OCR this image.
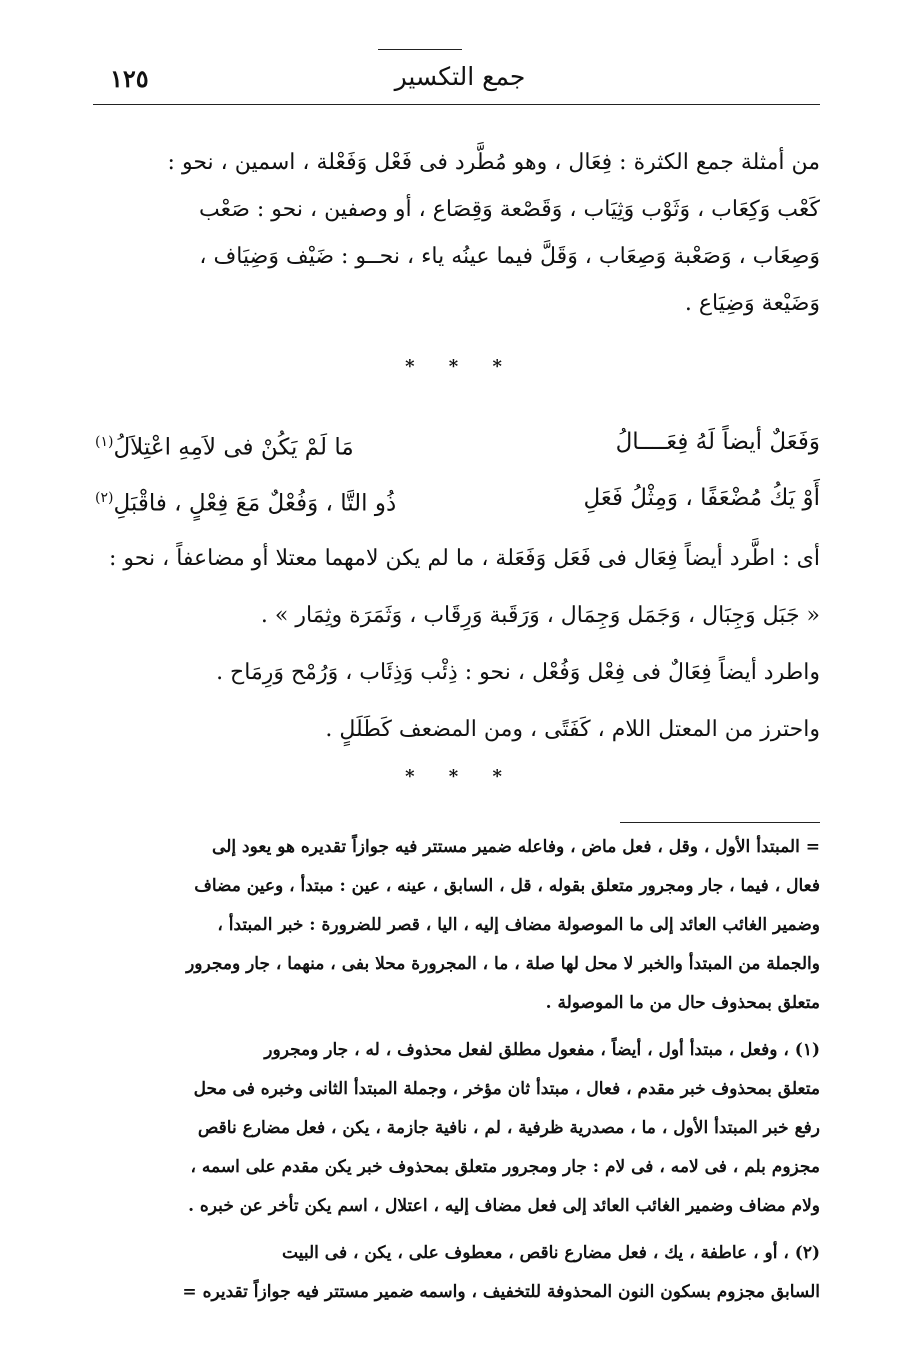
جمع التكسير
١٢٥
من أمثلة جمع الكثرة : فِعَال ، وهو مُطَّرد فى فَعْل وَفَعْلة ، اسمين ، نحو :
كَعْب وَكِعَاب ، وَثَوْب وَثِيَاب ، وَقَصْعة وَقِصَاع ، أو وصفين ، نحو : صَعْب
وَصِعَاب ، وَصَعْبة وَصِعَاب ، وَقَلَّ فيما عينُه ياء ، نحــو : ضَيْف وَضِيَاف ،
وَضَيْعة وَضِيَاع .
* * *
وَفَعَلٌ أيضاً لَهُ فِعَــــالُ
مَا لَمْ يَكُنْ فى لاَمِهِ اعْتِلاَلُ$^{(١)}$
أَوْ يَكُ مُضْعَفًا ، وَمِثْلُ فَعَلِ
ذُو التَّا ، وَفُعْلٌ مَعَ فِعْلٍ ، فاقْبَلِ$^{(٢)}$
أى : اطَّرد أيضاً فِعَال فى فَعَل وَفَعَلة ، ما لم يكن لامهما معتلا أو مضاعفاً ، نحو :
« جَبَل وَجِبَال ، وَجَمَل وَجِمَال ، وَرَقَبة وَرِقَاب ، وَثَمَرَة وثِمَار » .
واطرد أيضاً فِعَالٌ فى فِعْل وَفُعْل ، نحو : ذِئْب وَذِئَاب ، وَرُمْح وَرِمَاح .
واحترز من المعتل اللام ، كَفَتًى ، ومن المضعف كَطَلَلٍ .
* * *
= المبتدأ الأول ، وقل ، فعل ماض ، وفاعله ضمير مستتر فيه جوازاً تقديره هو يعود إلى
فعال ، فيما ، جار ومجرور متعلق بقوله ، قل ، السابق ، عينه ، عين : مبتدأ ، وعين مضاف
وضمير الغائب العائد إلى ما الموصولة مضاف إليه ، اليا ، قصر للضرورة : خبر المبتدأ ،
والجملة من المبتدأ والخبر لا محل لها صلة ، ما ، المجرورة محلا بفى ، منهما ، جار ومجرور
متعلق بمحذوف حال من ما الموصولة .
(١) ، وفعل ، مبتدأ أول ، أيضاً ، مفعول مطلق لفعل محذوف ، له ، جار ومجرور
متعلق بمحذوف خبر مقدم ، فعال ، مبتدأ ثان مؤخر ، وجملة المبتدأ الثانى وخبره فى محل
رفع خبر المبتدأ الأول ، ما ، مصدرية ظرفية ، لم ، نافية جازمة ، يكن ، فعل مضارع ناقص
مجزوم بلم ، فى لامه ، فى لام : جار ومجرور متعلق بمحذوف خبر يكن مقدم على اسمه ،
ولام مضاف وضمير الغائب العائد إلى فعل مضاف إليه ، اعتلال ، اسم يكن تأخر عن خبره .
(٢) ، أو ، عاطفة ، يك ، فعل مضارع ناقص ، معطوف على ، يكن ، فى البيت
السابق مجزوم بسكون النون المحذوفة للتخفيف ، واسمه ضمير مستتر فيه جوازاً تقديره =
